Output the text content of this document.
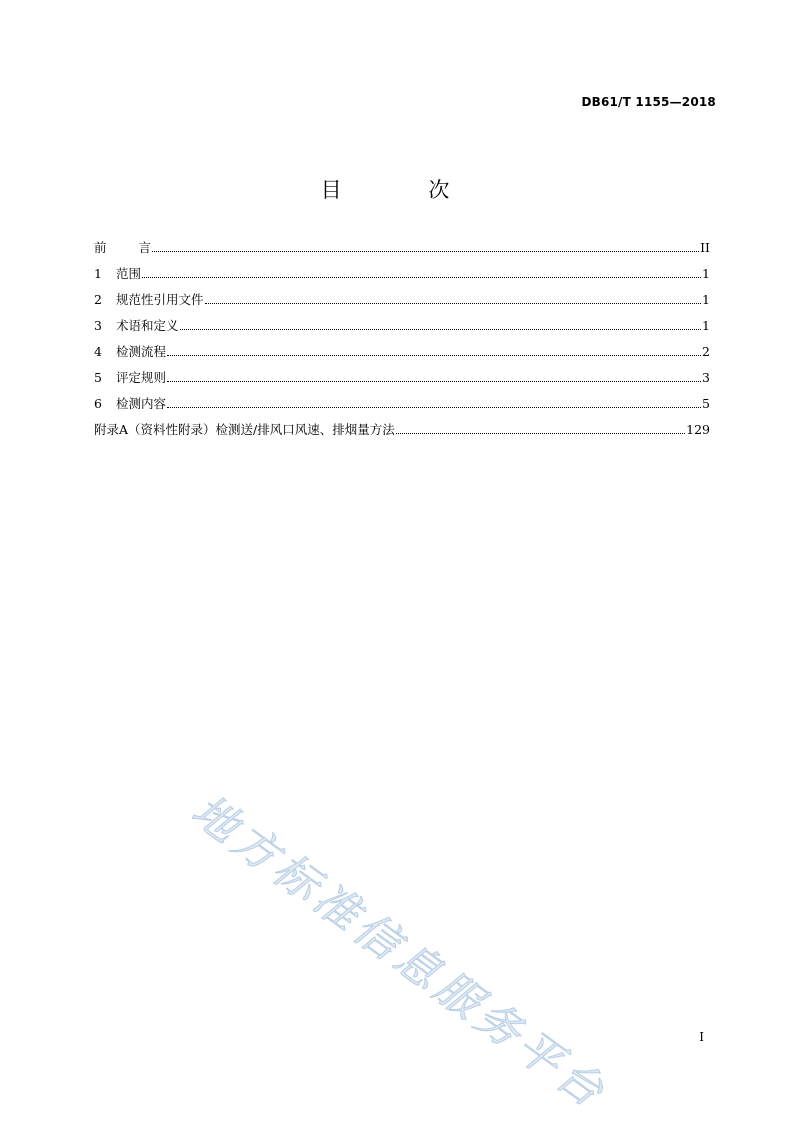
DB61/T 1155—2018
目 次
前言	II
1	范围	1
2	规范性引用文件	1
3	术语和定义	1
4	检测流程	2
5	评定规则	3
6	检测内容	5
附录A（资料性附录）检测送/排风口风速、排烟量方法	129
地方标准信息服务平台	I
